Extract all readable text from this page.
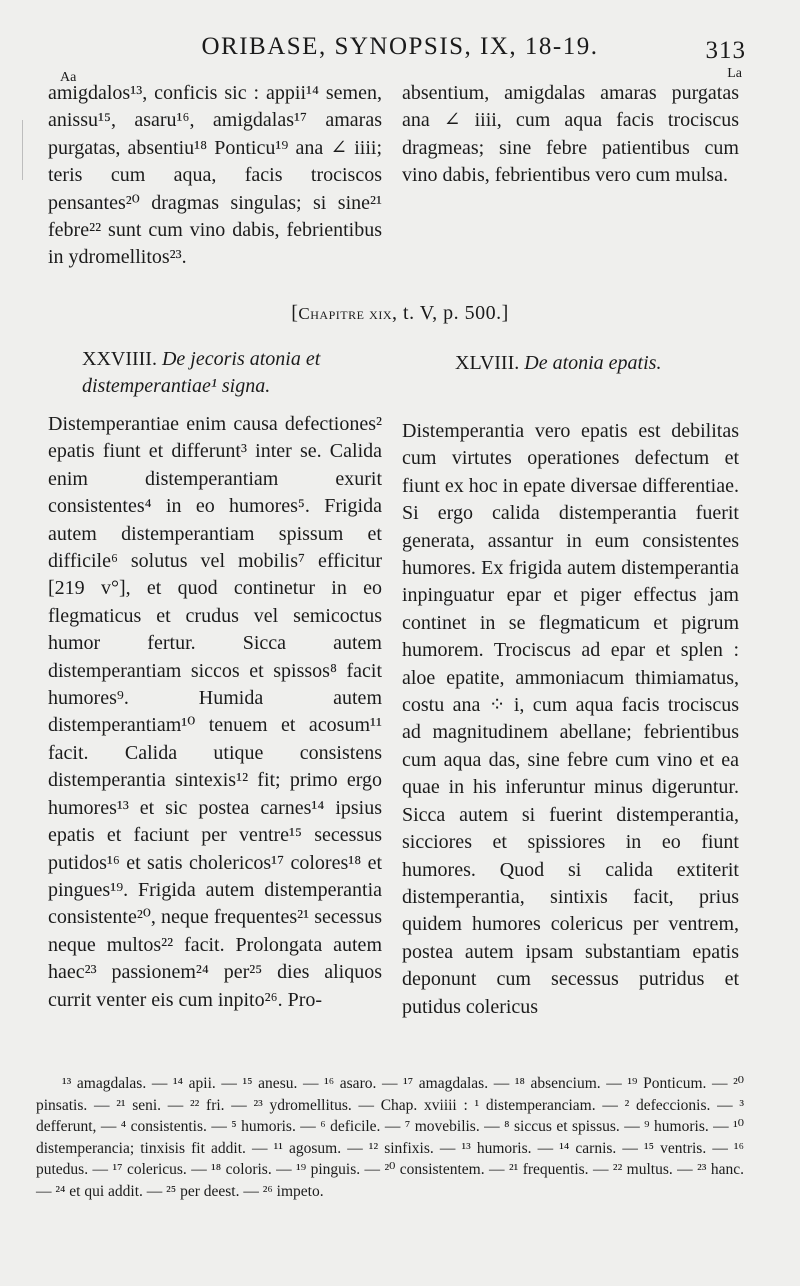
ORIBASE, SYNOPSIS, IX, 18-19.	313
Aa	La

amigdalos¹³, conficis sic : appii¹⁴ semen, anissu¹⁵, asaru¹⁶, amigdalas¹⁷ amaras purgatas, absentiu¹⁸ Ponticu¹⁹ ana ∠ iiii; teris cum aqua, facis trociscos pensantes²⁰ dragmas singulas; si sine²¹ febre²² sunt cum vino dabis, febrientibus in ydromellitos²³.

absentium, amigdalas amaras purgatas ana ∠ iiii, cum aqua facis trociscus dragmeas; sine febre patientibus cum vino dabis, febrientibus vero cum mulsa.

[Chapitre xix, t. V, p. 500.]
XXVIIII. De jecoris atonia et distemperantiae¹ signa.
XLVIII. De atonia epatis.

Distemperantiae enim causa defectiones² epatis fiunt et differunt³ inter se. Calida enim distemperantiam exurit consistentes⁴ in eo humores⁵. Frigida autem distemperantiam spissum et difficile⁶ solutus vel mobilis⁷ efficitur [219 v°], et quod continetur in eo flegmaticus et crudus vel semicoctus humor fertur. Sicca autem distemperantiam siccos et spissos⁸ facit humores⁹. Humida autem distemperantiam¹⁰ tenuem et acosum¹¹ facit. Calida utique consistens distemperantia sintexis¹² fit; primo ergo humores¹³ et sic postea carnes¹⁴ ipsius epatis et faciunt per ventre¹⁵ secessus putidos¹⁶ et satis cholericos¹⁷ colores¹⁸ et pingues¹⁹. Frigida autem distemperantia consistente²⁰, neque frequentes²¹ secessus neque multos²² facit. Prolongata autem haec²³ passionem²⁴ per²⁵ dies aliquos currit venter eis cum inpito²⁶. Pro-

Distemperantia vero epatis est debilitas cum virtutes operationes defectum et fiunt ex hoc in epate diversae differentiae. Si ergo calida distemperantia fuerit generata, assantur in eum consistentes humores. Ex frigida autem distemperantia inpinguatur epar et piger effectus jam continet in se flegmaticum et pigrum humorem. Trociscus ad epar et splen : aloe epatite, ammoniacum thimiamatus, costu ana ⁘ i, cum aqua facis trociscus ad magnitudinem abellane; febrientibus cum aqua das, sine febre cum vino et ea quae in his inferuntur minus digeruntur. Sicca autem si fuerint distemperantia, sicciores et spissiores in eo fiunt humores. Quod si calida extiterit distemperantia, sintixis facit, prius quidem humores colericus per ventrem, postea autem ipsam substantiam epatis deponunt cum secessus putridus et putidus colericus

¹³ amagdalas. — ¹⁴ apii. — ¹⁵ anesu. — ¹⁶ asaro. — ¹⁷ amagdalas. — ¹⁸ absencium. — ¹⁹ Ponticum. — ²⁰ pinsatis. — ²¹ seni. — ²² fri. — ²³ ydromellitus. — Chap. xviiii : ¹ distemperanciam. — ² defeccionis. — ³ defferunt, — ⁴ consistentis. — ⁵ humoris. — ⁶ deficile. — ⁷ movebilis. — ⁸ siccus et spissus. — ⁹ humoris. — ¹⁰ distemperancia; tinxisis fit addit. — ¹¹ agosum. — ¹² sinfixis. — ¹³ humoris. — ¹⁴ carnis. — ¹⁵ ventris. — ¹⁶ putedus. — ¹⁷ colericus. — ¹⁸ coloris. — ¹⁹ pinguis. — ²⁰ consistentem. — ²¹ frequentis. — ²² multus. — ²³ hanc. — ²⁴ et qui addit. — ²⁵ per deest. — ²⁶ impeto.
